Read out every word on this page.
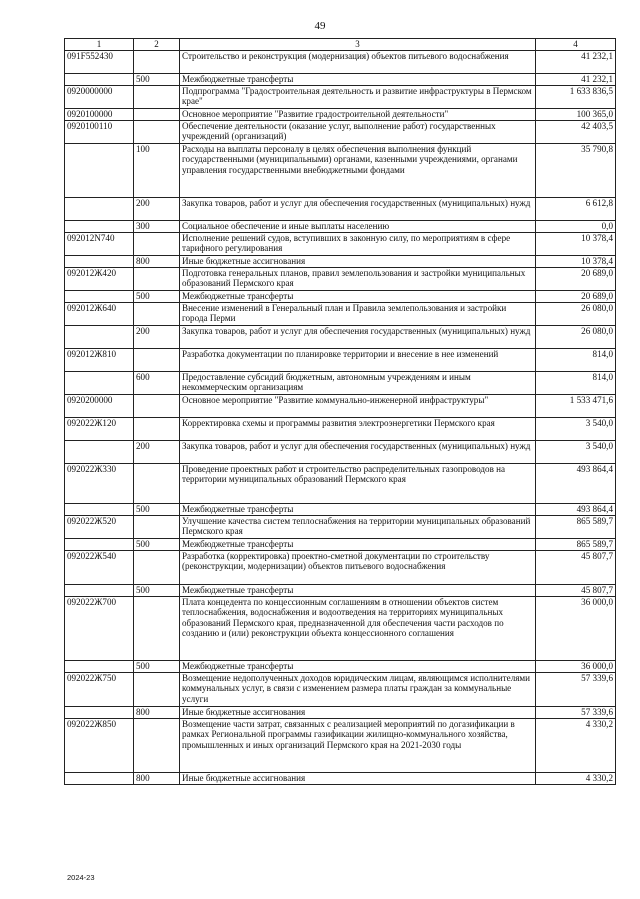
49
1	2	3	4
091F552430		Строительство и реконструкция (модернизация) объектов питьевого водоснабжения	41 232,1
	500	Межбюджетные трансферты	41 232,1
0920000000		Подпрограмма "Градостроительная деятельность и развитие инфраструктуры в Пермском крае"	1 633 836,5
0920100000		Основное мероприятие "Развитие градостроительной деятельности"	100 365,0
0920100110		Обеспечение деятельности (оказание услуг, выполнение работ) государственных учреждений (организаций)	42 403,5
	100	Расходы на выплаты персоналу в целях обеспечения выполнения функций государственными (муниципальными) органами, казенными учреждениями, органами управления государственными внебюджетными фондами	35 790,8
	200	Закупка товаров, работ и услуг для обеспечения государственных (муниципальных) нужд	6 612,8
	300	Социальное обеспечение и иные выплаты населению	0,0
092012N740		Исполнение решений судов, вступивших в законную силу, по мероприятиям в сфере тарифного регулирования	10 378,4
	800	Иные бюджетные ассигнования	10 378,4
092012Ж420		Подготовка генеральных планов, правил землепользования и застройки муниципальных образований Пермского края	20 689,0
	500	Межбюджетные трансферты	20 689,0
092012Ж640		Внесение изменений в Генеральный план и Правила землепользования и застройки города Перми	26 080,0
	200	Закупка товаров, работ и услуг для обеспечения государственных (муниципальных) нужд	26 080,0
092012Ж810		Разработка документации по планировке территории и внесение в нее изменений	814,0
	600	Предоставление субсидий бюджетным, автономным учреждениям и иным некоммерческим организациям	814,0
0920200000		Основное мероприятие "Развитие коммунально-инженерной инфраструктуры"	1 533 471,6
092022Ж120		Корректировка схемы и программы развития электроэнергетики Пермского края	3 540,0
	200	Закупка товаров, работ и услуг для обеспечения государственных (муниципальных) нужд	3 540,0
092022Ж330		Проведение проектных работ и строительство распределительных газопроводов на территории муниципальных образований Пермского края	493 864,4
	500	Межбюджетные трансферты	493 864,4
092022Ж520		Улучшение качества систем теплоснабжения на территории муниципальных образований Пермского края	865 589,7
	500	Межбюджетные трансферты	865 589,7
092022Ж540		Разработка (корректировка) проектно-сметной документации по строительству (реконструкции, модернизации) объектов питьевого водоснабжения	45 807,7
	500	Межбюджетные трансферты	45 807,7
092022Ж700		Плата концедента по концессионным соглашениям в отношении объектов систем теплоснабжения, водоснабжения и водоотведения на территориях муниципальных образований Пермского края, предназначенной для обеспечения части расходов по созданию и (или) реконструкции объекта концессионного соглашения	36 000,0
	500	Межбюджетные трансферты	36 000,0
092022Ж750		Возмещение недополученных доходов юридическим лицам, являющимся исполнителями коммунальных услуг, в связи с изменением размера платы граждан за коммунальные услуги	57 339,6
	800	Иные бюджетные ассигнования	57 339,6
092022Ж850		Возмещение части затрат, связанных с реализацией мероприятий по догазификации в рамках Региональной программы газификации жилищно-коммунального хозяйства, промышленных и иных организаций Пермского края на 2021-2030 годы	4 330,2
	800	Иные бюджетные ассигнования	4 330,2
2024-23
